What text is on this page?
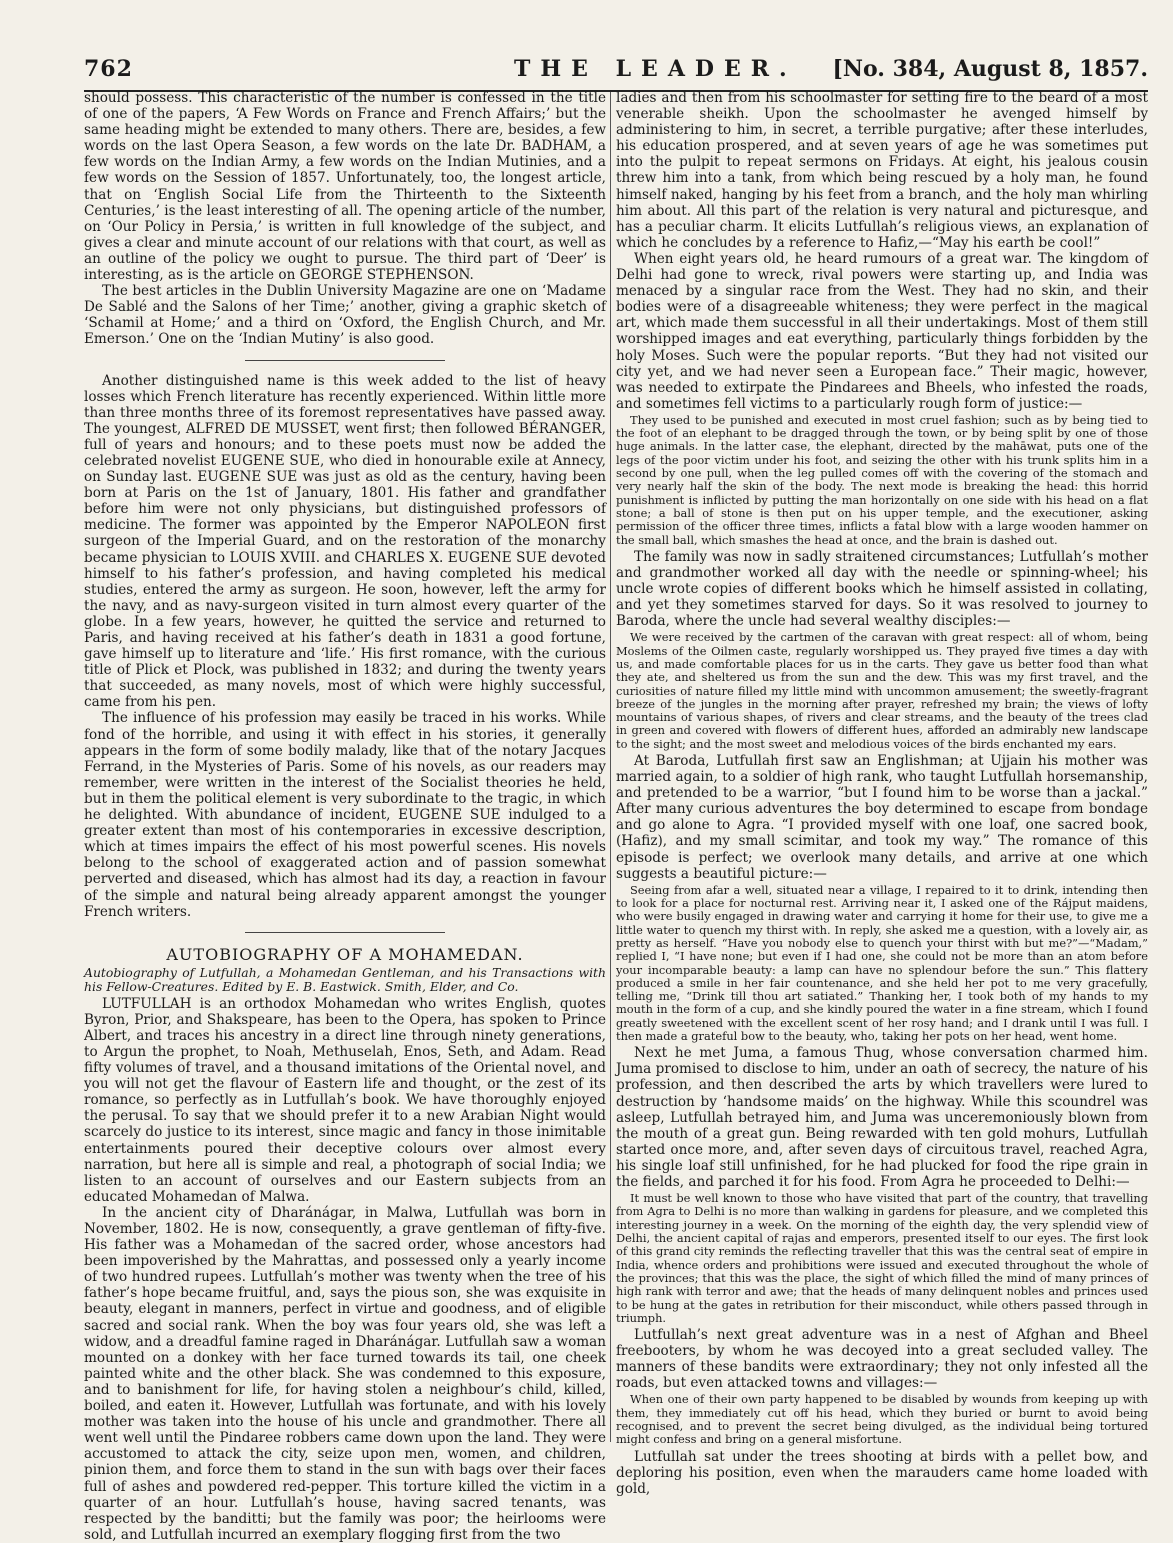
762	THE LEADER. [No. 384, August 8, 1857.

should possess. This characteristic of the number is confessed in the title of one of the papers, ‘A Few Words on France and French Affairs;’ but the same heading might be extended to many others. There are, besides, a few words on the last Opera Season, a few words on the late Dr. BADHAM, a few words on the Indian Army, a few words on the Indian Mutinies, and a few words on the Session of 1857. Unfortunately, too, the longest article, that on ‘English Social Life from the Thirteenth to the Sixteenth Centuries,’ is the least interesting of all. The opening article of the number, on ‘Our Policy in Persia,’ is written in full knowledge of the subject, and gives a clear and minute account of our relations with that court, as well as an outline of the policy we ought to pursue. The third part of ‘Deer’ is interesting, as is the article on GEORGE STEPHENSON.

The best articles in the Dublin University Magazine are one on ‘Madame De Sablé and the Salons of her Time;’ another, giving a graphic sketch of ‘Schamil at Home;’ and a third on ‘Oxford, the English Church, and Mr. Emerson.’ One on the ‘Indian Mutiny’ is also good.

Another distinguished name is this week added to the list of heavy losses which French literature has recently experienced. Within little more than three months three of its foremost representatives have passed away. The youngest, ALFRED DE MUSSET, went first; then followed BÉRANGER, full of years and honours; and to these poets must now be added the celebrated novelist EUGENE SUE, who died in honourable exile at Annecy, on Sunday last. EUGENE SUE was just as old as the century, having been born at Paris on the 1st of January, 1801. His father and grandfather before him were not only physicians, but distinguished professors of medicine. The former was appointed by the Emperor NAPOLEON first surgeon of the Imperial Guard, and on the restoration of the monarchy became physician to LOUIS XVIII. and CHARLES X. EUGENE SUE devoted himself to his father’s profession, and having completed his medical studies, entered the army as surgeon. He soon, however, left the army for the navy, and as navy-surgeon visited in turn almost every quarter of the globe. In a few years, however, he quitted the service and returned to Paris, and having received at his father’s death in 1831 a good fortune, gave himself up to literature and ‘life.’ His first romance, with the curious title of Plick et Plock, was published in 1832; and during the twenty years that succeeded, as many novels, most of which were highly successful, came from his pen.

The influence of his profession may easily be traced in his works. While fond of the horrible, and using it with effect in his stories, it generally appears in the form of some bodily malady, like that of the notary Jacques Ferrand, in the Mysteries of Paris. Some of his novels, as our readers may remember, were written in the interest of the Socialist theories he held, but in them the political element is very subordinate to the tragic, in which he delighted. With abundance of incident, EUGENE SUE indulged to a greater extent than most of his contemporaries in excessive description, which at times impairs the effect of his most powerful scenes. His novels belong to the school of exaggerated action and of passion somewhat perverted and diseased, which has almost had its day, a reaction in favour of the simple and natural being already apparent amongst the younger French writers.

AUTOBIOGRAPHY OF A MOHAMEDAN.
Autobiography of Lutfullah, a Mohamedan Gentleman, and his Transactions with his Fellow-Creatures. Edited by E. B. Eastwick. Smith, Elder, and Co.

LUTFULLAH is an orthodox Mohamedan who writes English, quotes Byron, Prior, and Shakspeare, has been to the Opera, has spoken to Prince Albert, and traces his ancestry in a direct line through ninety generations, to Argun the prophet, to Noah, Methuselah, Enos, Seth, and Adam. Read fifty volumes of travel, and a thousand imitations of the Oriental novel, and you will not get the flavour of Eastern life and thought, or the zest of its romance, so perfectly as in Lutfullah’s book. We have thoroughly enjoyed the perusal. To say that we should prefer it to a new Arabian Night would scarcely do justice to its interest, since magic and fancy in those inimitable entertainments poured their deceptive colours over almost every narration, but here all is simple and real, a photograph of social India; we listen to an account of ourselves and our Eastern subjects from an educated Mohamedan of Malwa.

In the ancient city of Dharánágar, in Malwa, Lutfullah was born in November, 1802. He is now, consequently, a grave gentleman of fifty-five. His father was a Mohamedan of the sacred order, whose ancestors had been impoverished by the Mahrattas, and possessed only a yearly income of two hundred rupees. Lutfullah’s mother was twenty when the tree of his father’s hope became fruitful, and, says the pious son, she was exquisite in beauty, elegant in manners, perfect in virtue and goodness, and of eligible sacred and social rank. When the boy was four years old, she was left a widow, and a dreadful famine raged in Dharánágar. Lutfullah saw a woman mounted on a donkey with her face turned towards its tail, one cheek painted white and the other black. She was condemned to this exposure, and to banishment for life, for having stolen a neighbour’s child, killed, boiled, and eaten it. However, Lutfullah was fortunate, and with his lovely mother was taken into the house of his uncle and grandmother. There all went well until the Pindaree robbers came down upon the land. They were accustomed to attack the city, seize upon men, women, and children, pinion them, and force them to stand in the sun with bags over their faces full of ashes and powdered red-pepper. This torture killed the victim in a quarter of an hour. Lutfullah’s house, having sacred tenants, was respected by the banditti; but the family was poor; the heirlooms were sold, and Lutfullah incurred an exemplary flogging first from the two

ladies and then from his schoolmaster for setting fire to the beard of a most venerable sheikh. Upon the schoolmaster he avenged himself by administering to him, in secret, a terrible purgative; after these interludes, his education prospered, and at seven years of age he was sometimes put into the pulpit to repeat sermons on Fridays. At eight, his jealous cousin threw him into a tank, from which being rescued by a holy man, he found himself naked, hanging by his feet from a branch, and the holy man whirling him about. All this part of the relation is very natural and picturesque, and has a peculiar charm. It elicits Lutfullah’s religious views, an explanation of which he concludes by a reference to Hafiz,—“May his earth be cool!”

When eight years old, he heard rumours of a great war. The kingdom of Delhi had gone to wreck, rival powers were starting up, and India was menaced by a singular race from the West. They had no skin, and their bodies were of a disagreeable whiteness; they were perfect in the magical art, which made them successful in all their undertakings. Most of them still worshipped images and eat everything, particularly things forbidden by the holy Moses. Such were the popular reports. “But they had not visited our city yet, and we had never seen a European face.” Their magic, however, was needed to extirpate the Pindarees and Bheels, who infested the roads, and sometimes fell victims to a particularly rough form of justice:—

They used to be punished and executed in most cruel fashion; such as by being tied to the foot of an elephant to be dragged through the town, or by being split by one of those huge animals. In the latter case, the elephant, directed by the mahāwat, puts one of the legs of the poor victim under his foot, and seizing the other with his trunk splits him in a second by one pull, when the leg pulled comes off with the covering of the stomach and very nearly half the skin of the body. The next mode is breaking the head: this horrid punishment is inflicted by putting the man horizontally on one side with his head on a flat stone; a ball of stone is then put on his upper temple, and the executioner, asking permission of the officer three times, inflicts a fatal blow with a large wooden hammer on the small ball, which smashes the head at once, and the brain is dashed out.

The family was now in sadly straitened circumstances; Lutfullah’s mother and grandmother worked all day with the needle or spinning-wheel; his uncle wrote copies of different books which he himself assisted in collating, and yet they sometimes starved for days. So it was resolved to journey to Baroda, where the uncle had several wealthy disciples:—

We were received by the cartmen of the caravan with great respect: all of whom, being Moslems of the Oilmen caste, regularly worshipped us. They prayed five times a day with us, and made comfortable places for us in the carts. They gave us better food than what they ate, and sheltered us from the sun and the dew. This was my first travel, and the curiosities of nature filled my little mind with uncommon amusement; the sweetly-fragrant breeze of the jungles in the morning after prayer, refreshed my brain; the views of lofty mountains of various shapes, of rivers and clear streams, and the beauty of the trees clad in green and covered with flowers of different hues, afforded an admirably new landscape to the sight; and the most sweet and melodious voices of the birds enchanted my ears.

At Baroda, Lutfullah first saw an Englishman; at Ujjain his mother was married again, to a soldier of high rank, who taught Lutfullah horsemanship, and pretended to be a warrior, “but I found him to be worse than a jackal.” After many curious adventures the boy determined to escape from bondage and go alone to Agra. “I provided myself with one loaf, one sacred book, (Hafiz), and my small scimitar, and took my way.” The romance of this episode is perfect; we overlook many details, and arrive at one which suggests a beautiful picture:—

Seeing from afar a well, situated near a village, I repaired to it to drink, intending then to look for a place for nocturnal rest. Arriving near it, I asked one of the Rájput maidens, who were busily engaged in drawing water and carrying it home for their use, to give me a little water to quench my thirst with. In reply, she asked me a question, with a lovely air, as pretty as herself. “Have you nobody else to quench your thirst with but me?”—“Madam,” replied I, “I have none; but even if I had one, she could not be more than an atom before your incomparable beauty: a lamp can have no splendour before the sun.” This flattery produced a smile in her fair countenance, and she held her pot to me very gracefully, telling me, “Drink till thou art satiated.” Thanking her, I took both of my hands to my mouth in the form of a cup, and she kindly poured the water in a fine stream, which I found greatly sweetened with the excellent scent of her rosy hand; and I drank until I was full. I then made a grateful bow to the beauty, who, taking her pots on her head, went home.

Next he met Juma, a famous Thug, whose conversation charmed him. Juma promised to disclose to him, under an oath of secrecy, the nature of his profession, and then described the arts by which travellers were lured to destruction by ‘handsome maids’ on the highway. While this scoundrel was asleep, Lutfullah betrayed him, and Juma was unceremoniously blown from the mouth of a great gun. Being rewarded with ten gold mohurs, Lutfullah started once more, and, after seven days of circuitous travel, reached Agra, his single loaf still unfinished, for he had plucked for food the ripe grain in the fields, and parched it for his food. From Agra he proceeded to Delhi:—

It must be well known to those who have visited that part of the country, that travelling from Agra to Delhi is no more than walking in gardens for pleasure, and we completed this interesting journey in a week. On the morning of the eighth day, the very splendid view of Delhi, the ancient capital of rajas and emperors, presented itself to our eyes. The first look of this grand city reminds the reflecting traveller that this was the central seat of empire in India, whence orders and prohibitions were issued and executed throughout the whole of the provinces; that this was the place, the sight of which filled the mind of many princes of high rank with terror and awe; that the heads of many delinquent nobles and princes used to be hung at the gates in retribution for their misconduct, while others passed through in triumph.

Lutfullah’s next great adventure was in a nest of Afghan and Bheel freebooters, by whom he was decoyed into a great secluded valley. The manners of these bandits were extraordinary; they not only infested all the roads, but even attacked towns and villages:—

When one of their own party happened to be disabled by wounds from keeping up with them, they immediately cut off his head, which they buried or burnt to avoid being recognised, and to prevent the secret being divulged, as the individual being tortured might confess and bring on a general misfortune.

Lutfullah sat under the trees shooting at birds with a pellet bow, and deploring his position, even when the marauders came home loaded with gold,
